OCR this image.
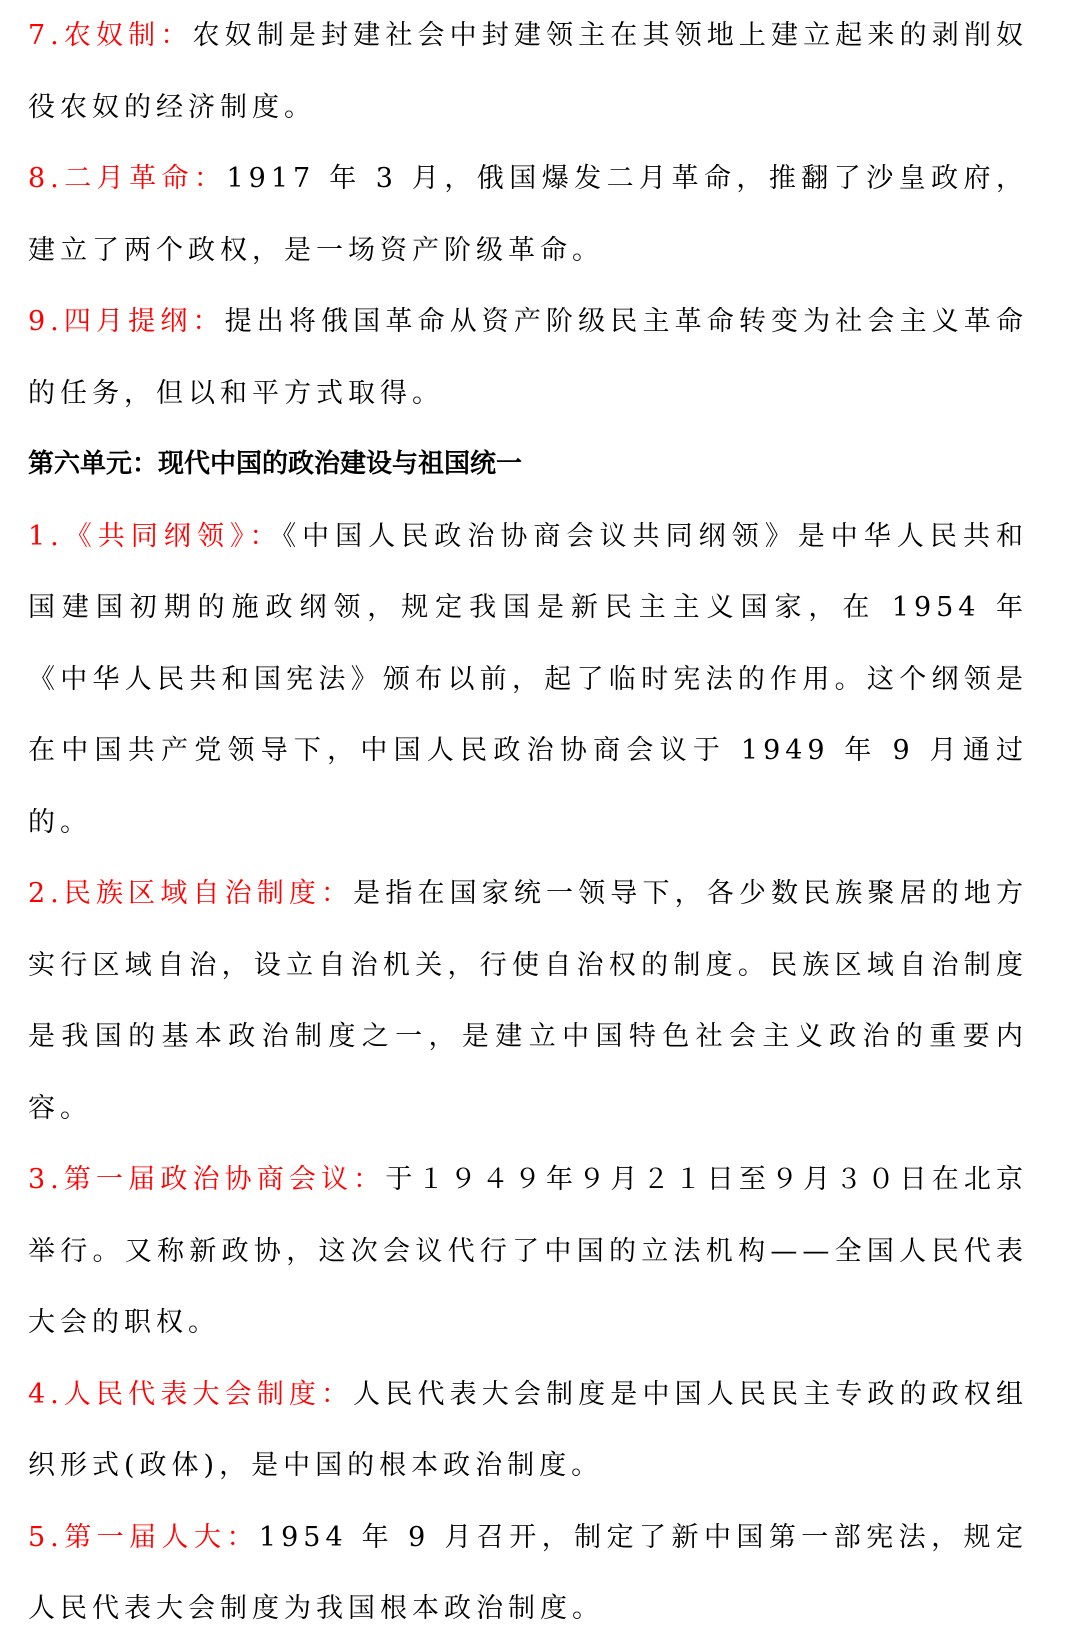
7.农奴制：农奴制是封建社会中封建领主在其领地上建立起来的剥削奴役农奴的经济制度。

8.二月革命：1917 年 3 月，俄国爆发二月革命，推翻了沙皇政府，建立了两个政权，是一场资产阶级革命。

9.四月提纲：提出将俄国革命从资产阶级民主革命转变为社会主义革命的任务，但以和平方式取得。

第六单元：现代中国的政治建设与祖国统一

1.《共同纲领》：《中国人民政治协商会议共同纲领》是中华人民共和国建国初期的施政纲领，规定我国是新民主主义国家，在 1954 年《中华人民共和国宪法》颁布以前，起了临时宪法的作用。这个纲领是在中国共产党领导下，中国人民政治协商会议于 1949 年 9 月通过的。

2.民族区域自治制度：是指在国家统一领导下，各少数民族聚居的地方实行区域自治，设立自治机关，行使自治权的制度。民族区域自治制度是我国的基本政治制度之一，是建立中国特色社会主义政治的重要内容。

3.第一届政治协商会议：于１９４９年９月２１日至９月３０日在北京举行。又称新政协，这次会议代行了中国的立法机构——全国人民代表大会的职权。

4.人民代表大会制度：人民代表大会制度是中国人民民主专政的政权组织形式(政体)，是中国的根本政治制度。

5.第一届人大：1954 年 9 月召开，制定了新中国第一部宪法，规定人民代表大会制度为我国根本政治制度。
